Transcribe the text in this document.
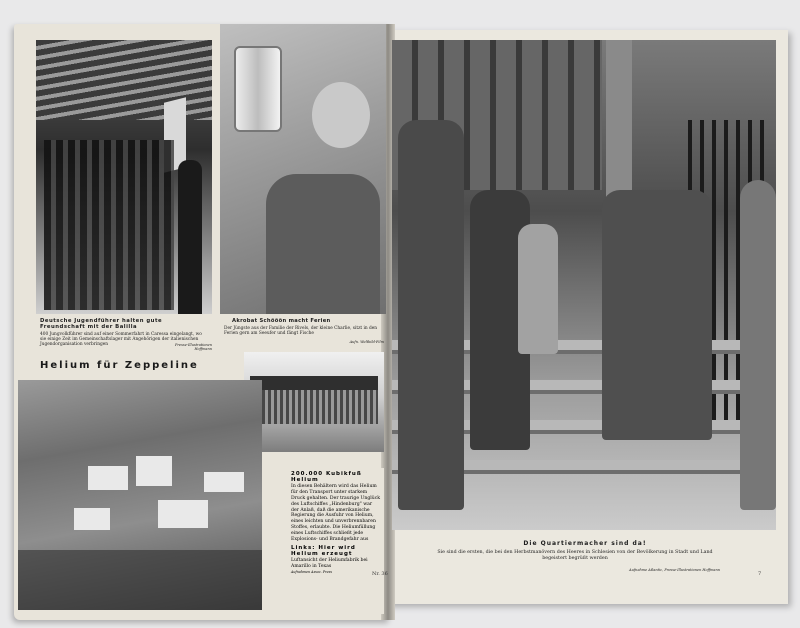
Deutsche Jugendführer halten gute Freundschaft mit der Balilla
400 Jungvolkführer sind auf einer Sommerfahrt in Caressa eingelangt, wo sie einige Zeit im Gemeinschaftslager mit Angehörigen der italienischen Jugendorganisation verbringen	Presse-Illustrationen Hoffmann
Akrobat Schööön macht Ferien
Der Jüngste aus der Familie der Rivels, der kleine Charlie, sitzt in den Ferien gern am Seeufer und fängt Fische
Aufn. Weltbild-Film
Helium für Zeppeline
200.000 Kubikfuß Helium
In diesen Behältern wird das Helium für den Transport unter starkem Druck gehalten. Der traurige Unglück des Luftschiffes „Hindenburg" war der Anlaß, daß die amerikanische Regierung die Ausfuhr von Helium, eines leichten und unverbrennbaren Stoffes, erlaubte. Die Heliumfüllung eines Luftschiffes schließt jede Explosions- und Brandgefahr aus
Links: Hier wird Helium erzeugt
Luftansicht der Heliumfabrik bei Amarillo in Texas
Aufnahmen Assoc. Press
Die Quartiermacher sind da!
Sie sind die ersten, die bei den Herbstmanövern des Heeres in Schlesien von der Bevölkerung in Stadt und Land begeistert begrüßt werden
Aufnahme Atlantic, Presse-Illustrationen Hoffmann
Nr. 36	7
